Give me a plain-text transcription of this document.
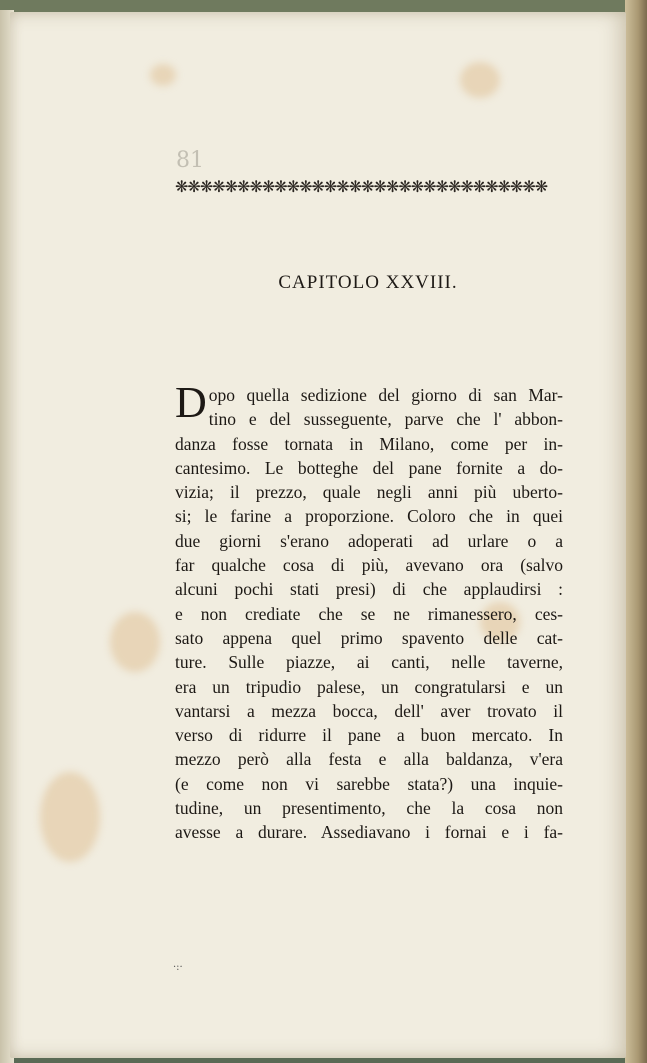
81
❋❋❋❋❋❋❋❋❋❋❋❋❋❋❋❋❋❋❋❋❋❋❋❋❋❋❋❋❋❋
CAPITOLO XXVIII.
D opo quella sedizione del giorno di san Mar-
tino e del susseguente, parve che l' abbon-
danza fosse tornata in Milano, come per in-
cantesimo. Le botteghe del pane fornite a do-
vizia; il prezzo, quale negli anni più uberto-
si; le farine a proporzione. Coloro che in quei
due giorni s'erano adoperati ad urlare o a
far qualche cosa di più, avevano ora (salvo
alcuni pochi stati presi) di che applaudirsi :
e non crediate che se ne rimanessero, ces-
sato appena quel primo spavento delle cat-
ture. Sulle piazze, ai canti, nelle taverne,
era un tripudio palese, un congratularsi e un
vantarsi a mezza bocca, dell' aver trovato il
verso di ridurre il pane a buon mercato. In
mezzo però alla festa e alla baldanza, v'era
(e come non vi sarebbe stata?) una inquie-
tudine, un presentimento, che la cosa non
avesse a durare. Assediavano i fornai e i fa-
·:·
